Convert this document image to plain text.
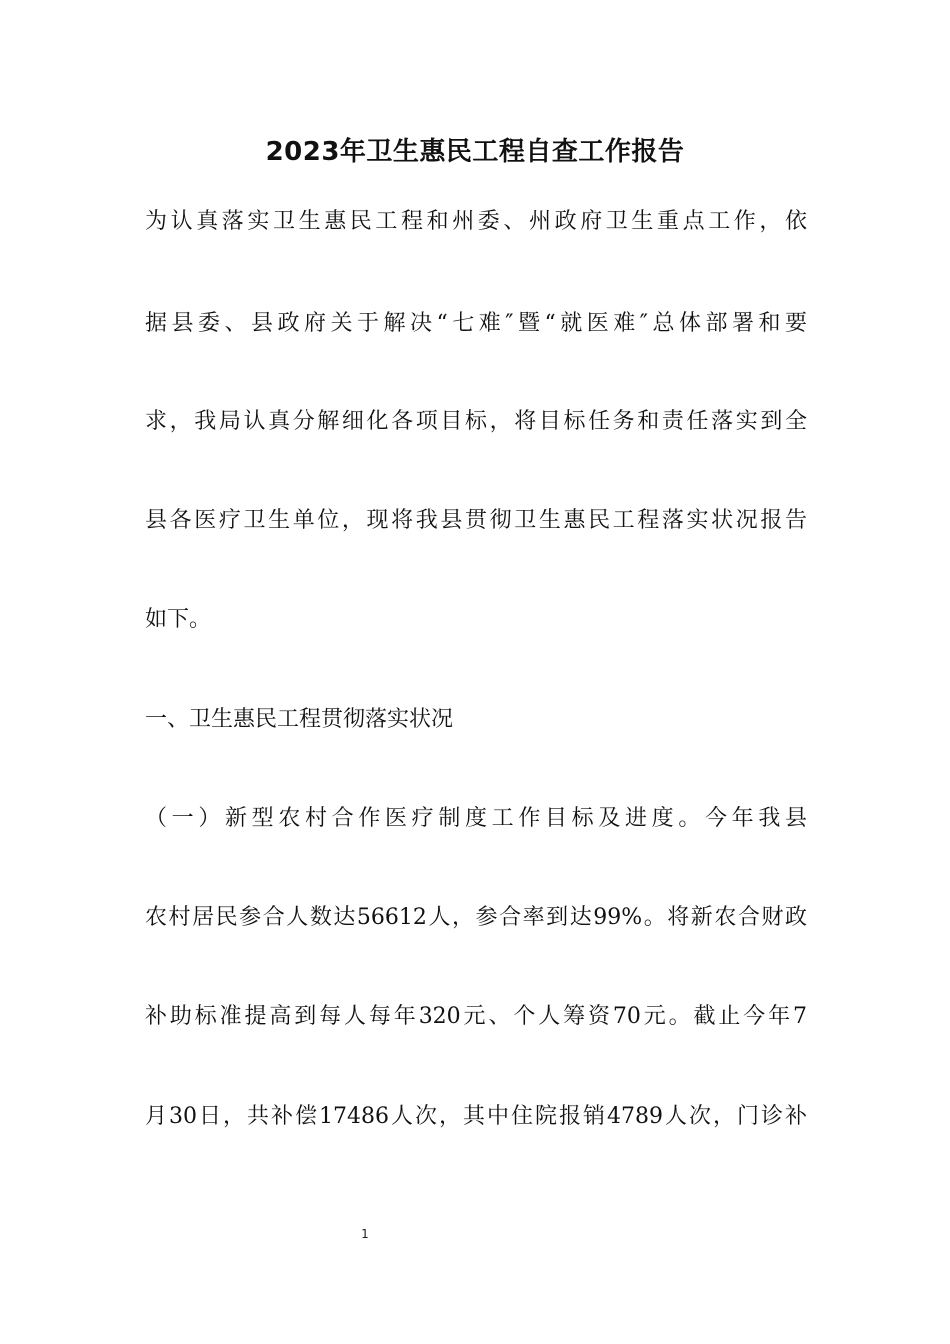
2023年卫生惠民工程自查工作报告
为认真落实卫生惠民工程和州委、州政府卫生重点工作，依
据县委、县政府关于解决“七难″暨“就医难″总体部署和要
求，我局认真分解细化各项目标，将目标任务和责任落实到全
县各医疗卫生单位，现将我县贯彻卫生惠民工程落实状况报告
如下。
一、卫生惠民工程贯彻落实状况
（一）新型农村合作医疗制度工作目标及进度。今年我县
农村居民参合人数达56612人，参合率到达99%。将新农合财政
补助标准提高到每人每年320元、个人筹资70元。截止今年7
月30日，共补偿17486人次，其中住院报销4789人次，门诊补
1
